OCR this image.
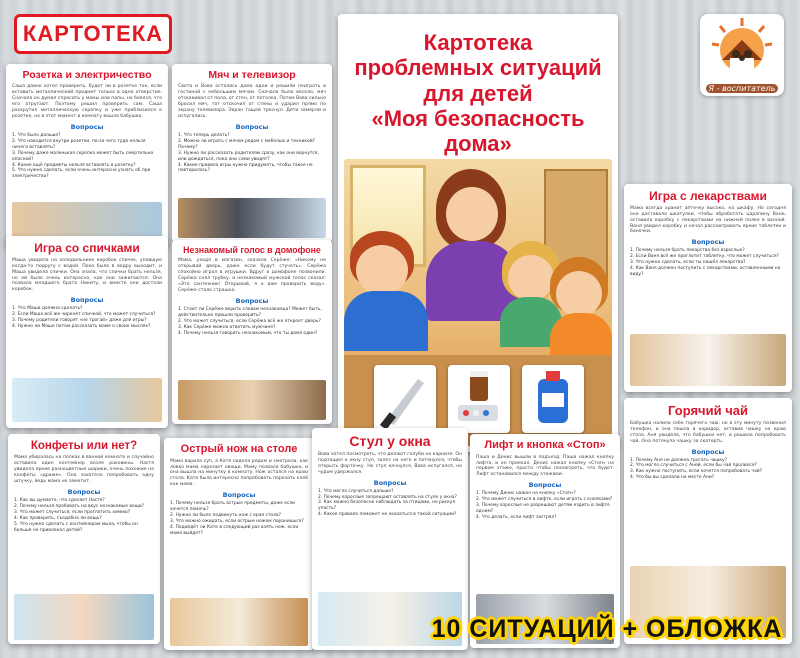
КАРТОТЕКА
Я - воспитатель
Картотека
проблемных ситуаций
для детей
«Моя безопасность дома»
Розетка и электричество
Саша давно хотел проверить, будет ли в розетке ток, если вставить металлический предмет только в одно отверстие. Сначала он думал спросить у мамы или папы, но боялся, что его отругают. Поэтому решил проверить сам. Саша раскрутил металлическую скрепку и уже приблизился к розетке, но в этот момент в комнату вошла бабушка.
Вопросы
1. Что было дальше?
2. Что находится внутри розетки, по-за чего туда нельзя ничего вставлять?
3. Почему даже маленькая скрепка может быть смертельно опасной?
4. Какие ещё предметы нельзя вставлять в розетку?
5. Что нужно сделать, если очень интересно узнать об при электричество?
Мяч и телевизор
Света и Вова остались дома одни и решили поиграть в гостиной с небольшим мячом. Сначала было весело, мяч отскакивал от пола, от стен, от потолка. Потом Вова сильно бросил мяч, тот отскочил от стены и ударил прямо по экрану телевизора. Экран тащей треснул. Дети замерли и испугались.
Вопросы
1. Что теперь делать?
2. Можно ли играть с мячом рядом с мебелью и техникой? Почему?
3. Нужно ли рассказать родителям сразу, как они вернутся, или дождаться, пока они сами увидят?
4. Какие правила игры нужно придумать, чтобы такое не повторилось?
Игра со спичками
Маша увидела на холодильнике коробок спичек, упавшую когда-то подругу с водой. Пока была в ведру выходит, и Маша увидела спички. Она знала, что спички брать нельзя, но ей было очень интересно, как они зажигаются. Она позвала младшего брата Никиту, и вместе они достали коробок.
Вопросы
1. Что Маша должна сделать?
2. Если Маша всё же чиркнет спичкой, что может случиться?
3. Почему родители говорят «не трогай» даже для игры?
4. Нужно ли Маше потом рассказать маме о своих мыслях?
Незнакомый голос в домофоне
Мама, уходя в магазин, сказала Серёже: «Никому не открывай дверь, даже если будут стучать». Серёжа спокойно играл в игрушки. Вдруг в домофоне позвонили. Серёжа снял трубку, и незнакомый мужской голос сказал: «Это сантехник! Открывай, я к вам проверить воду». Серёже стало страшно.
Вопросы
1. Стоит ли Серёже верить словам незнакомца? Может быть, действительно пришли проверить?
2. Что может случиться, если Серёжа всё же откроет дверь?
3. Как Серёже можно ответить мужчине?
4. Почему нельзя говорить незнакомым, что ты дома один?
Игра с лекарствами
Мама всегда хранит аптечку высоко, на шкафу. Но сегодня она доставала шкатулки, чтобы обработать царапину Ване, оставила коробку с лекарствами на нижней полке в ванной. Ваня увидел коробку и начал рассматривать яркие таблетки и баночки.
Вопросы
1. Почему нельзя брать лекарства без взрослых?
2. Если Ваня всё же проглотит таблетку, что может случиться?
3. Что нужно сделать, если ты нашёл лекарства?
4. Как Ваня должен поступить с лекарствами, оставленными на виду?
Конфеты или нет?
Мама убиралась на полках в ванной комнате и случайно оставила один контейнер возле раковины. Настя увидела яркие разноцветные шарики, очень похожие на конфеты «драже». Она захотела попробовать одну штучку, ведь мама не заметит.
Вопросы
1. Как вы думаете, что сделает Настя?
2. Почему нельзя пробовать на вкус незнакомые вещи?
3. Что может случиться, если проглотить химию?
4. Как проверить, съедобна ли вещь?
5. Что нужно сделать с контейнером мыла, чтобы он больше не привлекал детей?
Острый нож на столе
Мама варила суп, а Катя сидела рядом и смотрела, как ловко мама нарезает овощи. Маму позвала бабушка, и она вышла на минутку в комнату. Нож остался на краю стола. Кате было интересно попробовать порезать хлеб как мама.
Вопросы
1. Почему нельзя брать острые предметы, даже если хочется помочь?
2. Нужно ли было подвинуть нож с края стола?
3. Что можно ожидать, если острым ножом поранишься?
4. Подойдёт ли Кате в следующий раз взять нож, если мама выйдет?
Стул у окна
Вова хотел посмотреть, что делают голуби на карнизе. Он подтащил к окну стул, залез на него и потянулся, чтобы открыть форточку. Но стул качнулся, Вова испугался, но чудом удержался.
Вопросы
1. Что могло случиться дальше?
2. Почему взрослые запрещают оставлять на стуле у окна?
3. Как можно безопасно наблюдать за птицами, не рискуя упасть?
4. Какое правило поможет не оказаться в такой ситуации?
Лифт и кнопка «Стоп»
Паша и Денис вышли в подъезд. Паша нажал кнопку лифта, и он приехал. Денис нажал кнопку «Стоп» на первом этаже, просто чтобы посмотреть, что будет. Лифт остановился между этажами.
Вопросы
1. Почему Денис нажал на кнопку «Стоп»?
2. Что может случиться в лифте, если играть с кнопками?
3. Почему взрослые не разрешают детям ездить в лифте одним?
4. Что делать, если лифт застрял?
Горячий чай
Бабушка налила себе горячего чаю, но в эту минуту позвонил телефон, и она пошла в коридор, оставив чашку на краю стола. Аня увидела, что бабушки нет, и решила попробовать чай. Она потянула чашку за скатерть.
Вопросы
1. Почему Аня не должна трогать чашку?
2. Что могло случиться с Аней, если бы чай пролился?
3. Как нужно поступить, если хочется попробовать чай?
4. Что бы вы сделали на месте Ани?
10 СИТУАЦИЙ + ОБЛОЖКА
